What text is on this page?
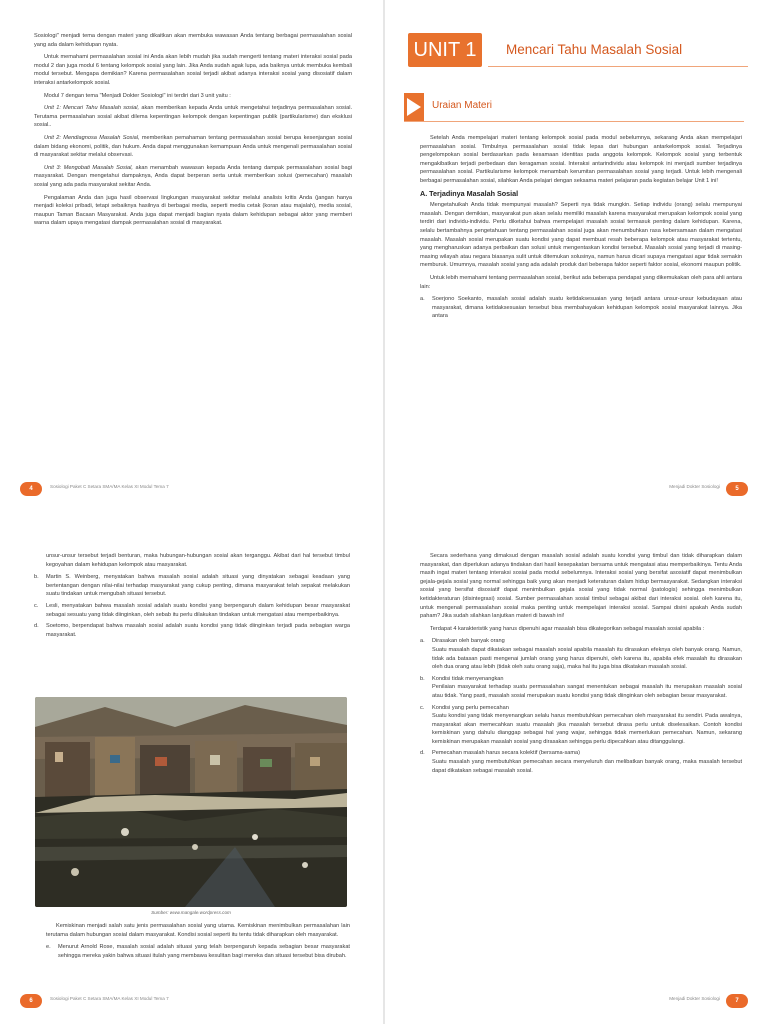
Sosiologi" menjadi tema dengan materi yang dikaitkan akan membuka wawasan Anda tentang berbagai permasalahan sosial yang ada dalam kehidupan nyata.

Untuk memahami permasalahan sosial ini Anda akan lebih mudah jika sudah mengerti tentang materi interaksi sosial pada modul 2 dan juga modul 6 tentang kelompok sosial yang lain. Jika Anda sudah agak lupa, ada baiknya untuk membuka kembali modul tersebut. Mengapa demikian? Karena permasalahan sosial terjadi akibat adanya interaksi sosial yang disosiatif dalam interaksi antarkelompok sosial.

Modul 7 dengan tema "Menjadi Dokter Sosiologi" ini terdiri dari 3 unit yaitu :

Unit 1: Mencari Tahu Masalah sosial, akan memberikan kepada Anda untuk mengetahui terjadinya permasalahan sosial. Terutama permasalahan sosial akibat dilema kepentingan kelompok dengan kepentingan publik (partikularisme) dan eksklusi sosial..

Unit 2: Mendiagnosa Masalah Sosial, memberikan pemahaman tentang permasalahan sosial berupa kesenjangan sosial dalam bidang ekonomi, politik, dan hukum. Anda dapat menggunakan kemampuan Anda untuk mengenali permasalahan sosial di masyarakat sekitar melalui observasi.

Unit 3: Mengobati Masalah Sosial, akan menambah wawasan kepada Anda tentang dampak permasalahan sosial bagi masyarakat. Dengan mengetahui dampaknya, Anda dapat berperan serta untuk memberikan solusi (pemecahan) masalah sosial yang ada pada masyarakat sekitar Anda.

Pengalaman Anda dan juga hasil observasi lingkungan masyarakat sekitar melalui analisis kritis Anda (jangan hanya menjadi koleksi pribadi, tetapi sebaiknya hasilnya di berbagai media, seperti media cetak (koran atau majalah), media sosial, maupun Taman Bacaan Masyarakat. Anda juga dapat menjadi bagian nyata dalam kehidupan sebagai aktor yang memberi warna dalam upaya mengatasi dampak permasalahan sosial di masyarakat.

4	Sosiologi Paket C Setara SMA/MA Kelas XI Modul Tema 7
UNIT 1	Mencari Tahu Masalah Sosial
Uraian Materi

Setelah Anda mempelajari materi tentang kelompok sosial pada modul sebelumnya, sekarang Anda akan mempelajari permasalahan sosial. Timbulnya permasalahan sosial tidak lepas dari hubungan antarkelompok sosial. Terjadinya pengelompokan sosial berdasarkan pada kesamaan identitas pada anggota kelompok. Kelompok sosial yang terbentuk mengakibatkan terjadi perbedaan dan keragaman sosial. Interaksi antarindividu atau kelompok ini menjadi sumber terjadinya permasalahan sosial. Partikularisme kelompok menambah kerumitan permasalahan sosial yang terjadi. Untuk lebih mengenali berbagai permasalahan sosial, silahkan Anda pelajari dengan seksama materi pelajaran pada kegiatan belajar Unit 1 ini!

A. Terjadinya Masalah Sosial

Mengetahuikah Anda tidak mempunyai masalah? Seperti nya tidak mungkin. Setiap individu (orang) selalu mempunyai masalah. Dengan demikian, masyarakat pun akan selalu memiliki masalah karena masyarakat merupakan kelompok sosial yang terdiri dari individu-individu. Perlu diketahui bahwa mempelajari masalah sosial termasuk penting dalam kehidupan. Karena, selalu bertambahnya pengetahuan tentang permasalahan sosial juga akan menumbuhkan rasa kebersamaan dalam mengatasi masalah. Masalah sosial merupakan suatu kondisi yang dapat membuat resah beberapa kelompok atau masyarakat tertentu, yang mengharuskan adanya perbaikan dan solusi untuk mengentaskan kondisi tersebut. Masalah sosial yang terjadi di masing-masing wilayah atau negara biasanya sulit untuk ditemukan solusinya, namun harus dicari supaya mengatasi agar tidak semakin memburuk. Umumnya, masalah sosial yang ada adalah produk dari beberapa faktor seperti faktor sosial, ekonomi maupun politik.

Untuk lebih memahami tentang permasalahan sosial, berikut ada beberapa pendapat yang dikemukakan oleh para ahli antara lain:

a. Soerjono Soekanto, masalah sosial adalah suatu ketidaksesuaian yang terjadi antara unsur-unsur kebudayaan atau masyarakat, dimana ketidaksesuaian tersebut bisa membahayakan kehidupan kelompok sosial masyarakat lainnya. Jika antara
Menjadi Dokter Sosiologi	5

unsur-unsur tersebut terjadi benturan, maka hubungan-hubungan sosial akan terganggu. Akibat dari hal tersebut timbul kegoyahan dalam kehidupan kelompok atau masyarakat.

b. Martin S. Weinberg, menyatakan bahwa masalah sosial adalah situasi yang dinyatakan sebagai keadaan yang bertentangan dengan nilai-nilai terhadap masyarakat yang cukup penting, dimana masyarakat telah sepakat melakukan suatu tindakan untuk mengubah situasi tersebut.
c. Lesli, menyatakan bahwa masalah sosial adalah suatu kondisi yang berpengaruh dalam kehidupan besar masyarakat sebagai sesuatu yang tidak diinginkan, oleh sebab itu perlu dilakukan tindakan untuk mengatasi atau memperbaikinya.
d. Soetomo, berpendapat bahwa masalah sosial adalah suatu kondisi yang tidak diinginkan terjadi pada sebagian warga masyarakat.
Sumber: www.mangale.wordpress.com

Kemiskinan menjadi salah satu jenis permasalahan sosial yang utama. Kemiskinan menimbulkan permasalahan lain terutama dalam hubungan sosial dalam masyarakat. Kondisi sosial seperti itu tentu tidak diharapkan oleh masyarakat.

e. Menurut Arnold Rose, masalah sosial adalah situasi yang telah berpengaruh kepada sebagian besar masyarakat sehingga mereka yakin bahwa situasi itulah yang membawa kesulitan bagi mereka dan situasi tersebut bisa dirubah.
6	Sosiologi Paket C Setara SMA/MA Kelas XI Modul Tema 7

Secara sederhana yang dimaksud dengan masalah sosial adalah suatu kondisi yang timbul dan tidak diharapkan dalam masyarakat, dan diperlukan adanya tindakan dari hasil kesepakatan bersama untuk mengatasi atau memperbaikinya. Tentu Anda masih ingat materi tentang interaksi sosial pada modul sebelumnya. Interaksi sosial yang bersifat asosiatif dapat menimbulkan gejala-gejala sosial yang normal sehingga baik yang akan menjadi keteraturan dalam hidup bermasyarakat. Sedangkan interaksi sosial yang bersifat disosiatif dapat menimbulkan gejala sosial yang tidak normal (patologis) sehingga menimbulkan ketidakteraturan (disintegrasi) sosial. Sumber permasalahan sosial timbul sebagai akibat dari interaksi sosial. oleh karena itu, untuk mengenali permasalahan sosial maka penting untuk mempelajari interaksi sosial. Sampai disini apakah Anda sudah paham? Jika sudah silahkan lanjutkan materi di bawah ini!

Terdapat 4 karakteristik yang harus dipenuhi agar masalah bisa dikategorikan sebagal masalah sosial apabila :

a. Dirasakan oleh banyak orang
Suatu masalah dapat dikatakan sebagai masalah sosial apabila masalah itu dirasakan efeknya oleh banyak orang. Namun, tidak ada batasan pasti mengenai jumlah orang yang harus dipenuhi, oleh karena itu, apabila efek masalah itu dirasakan oleh dua orang atau lebih (tidak oleh satu orang saja), maka hal itu juga bisa dikatakan masalah sosial.
b. Kondisi tidak menyenangkan
Penilaian masyarakat terhadap suatu permasalahan sangat menentukan sebagai masalah itu merupakan masalah sosial atau tidak. Yang pasti, masalah sosial merupakan suatu kondisi yang tidak diinginkan oleh sebagian besar masyarakat.
c. Kondisi yang perlu pemecahan
Suatu kondisi yang tidak menyenangkan selalu harus membutuhkan pemecahan oleh masyarakat itu sendiri. Pada awalnya, masyarakat akan memecahkan suatu masalah jika masalah tersebut dirasa perlu untuk diselesaikan. Contoh kondisi kemiskinan yang dahulu dianggap sebagai hal yang wajar, sehingga tidak memerlukan pemecahan. Namun, sekarang kemiskinan merupakan masalah sosial yang dirasakan sehingga perlu dipecahkan atau ditanggulangi.
d. Pemecahan masalah harus secara kolektif (bersama-sama)
Suatu masalah yang membutuhkan pemecahan secara menyeluruh dan melibatkan banyak orang, maka masalah tersebut dapat dikatakan sebagai masalah sosial.
Menjadi Dokter Sosiologi	7
